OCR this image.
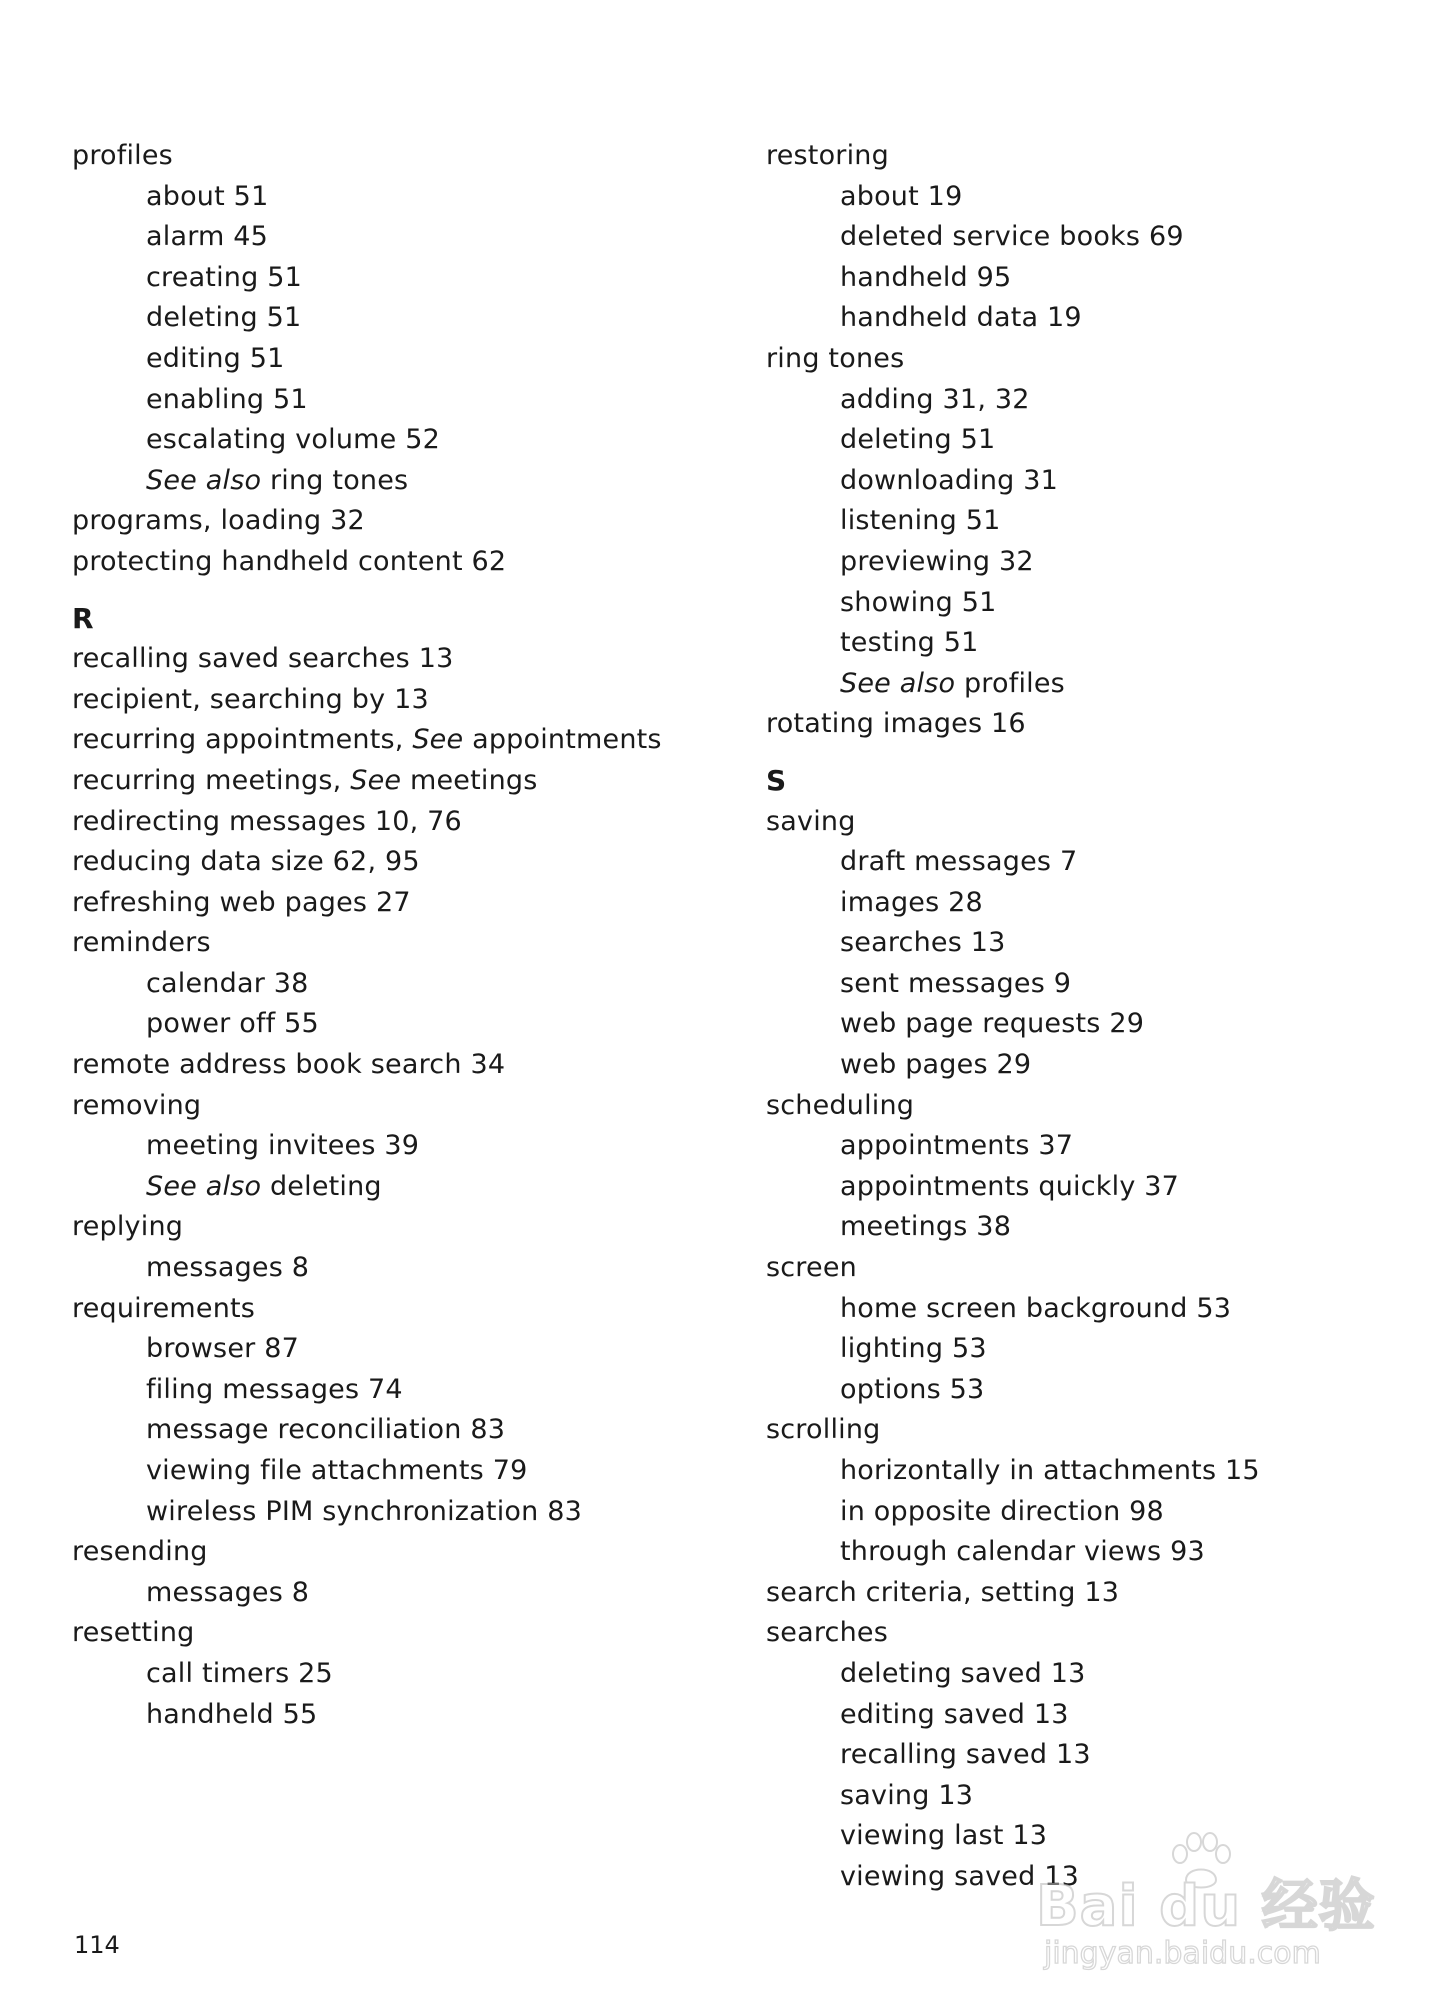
profiles
about 51
alarm 45
creating 51
deleting 51
editing 51
enabling 51
escalating volume 52
See also ring tones
programs, loading 32
protecting handheld content 62
R
recalling saved searches 13
recipient, searching by 13
recurring appointments, See appointments
recurring meetings, See meetings
redirecting messages 10, 76
reducing data size 62, 95
refreshing web pages 27
reminders
calendar 38
power off 55
remote address book search 34
removing
meeting invitees 39
See also deleting
replying
messages 8
requirements
browser 87
filing messages 74
message reconciliation 83
viewing file attachments 79
wireless PIM synchronization 83
resending
messages 8
resetting
call timers 25
handheld 55
restoring
about 19
deleted service books 69
handheld 95
handheld data 19
ring tones
adding 31, 32
deleting 51
downloading 31
listening 51
previewing 32
showing 51
testing 51
See also profiles
rotating images 16
S
saving
draft messages 7
images 28
searches 13
sent messages 9
web page requests 29
web pages 29
scheduling
appointments 37
appointments quickly 37
meetings 38
screen
home screen background 53
lighting 53
options 53
scrolling
horizontally in attachments 15
in opposite direction 98
through calendar views 93
search criteria, setting 13
searches
deleting saved 13
editing saved 13
recalling saved 13
saving 13
viewing last 13
viewing saved 13
114
Bai du 经验
jingyan.baidu.com
